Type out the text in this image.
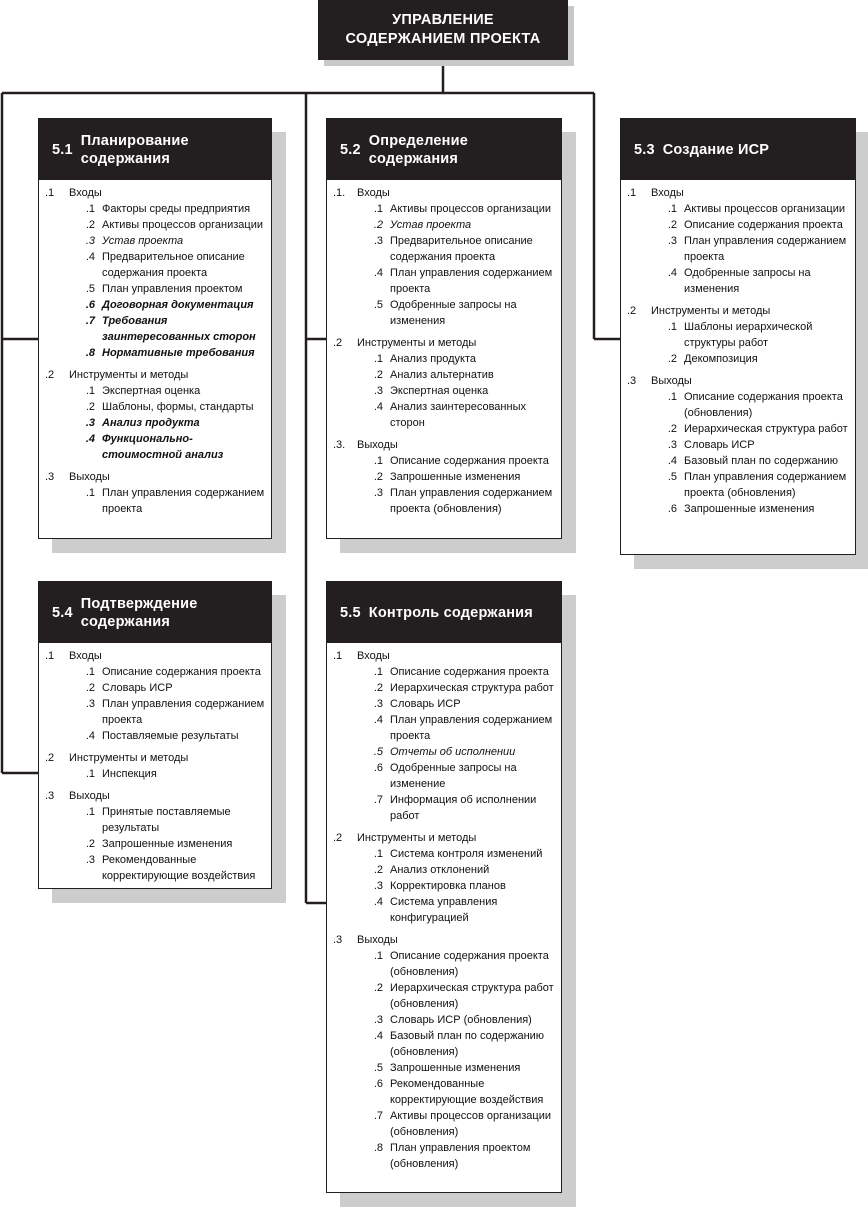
УПРАВЛЕНИЕ
СОДЕРЖАНИЕМ ПРОЕКТА
5.1
Планирование
содержания
.1	Входы
.1 Факторы среды предприятия
.2 Активы процессов организации
.3 Устав проекта
.4 Предварительное описание содержания проекта
.5 План управления проектом
.6 Договорная документация
.7 Требования заинтересованных сторон
.8 Нормативные требования
.2	Инструменты и методы
.1 Экспертная оценка
.2 Шаблоны, формы, стандарты
.3 Анализ продукта
.4 Функционально-стоимостной анализ
.3	Выходы
.1 План управления содержанием проекта
5.2
Определение
содержания
.1.	Входы
.1 Активы процессов организации
.2 Устав проекта
.3 Предварительное описание содержания проекта
.4 План управления содержанием проекта
.5 Одобренные запросы на изменения
.2	Инструменты и методы
.1 Анализ продукта
.2 Анализ альтернатив
.3 Экспертная оценка
.4 Анализ заинтересованных сторон
.3.	Выходы
.1 Описание содержания проекта
.2 Запрошенные изменения
.3 План управления содержанием проекта (обновления)
5.3 Создание ИСР
.1	Входы
.1 Активы процессов организации
.2 Описание содержания проекта
.3 План управления содержанием проекта
.4 Одобренные запросы на изменения
.2	Инструменты и методы
.1 Шаблоны иерархической структуры работ
.2 Декомпозиция
.3	Выходы
.1 Описание содержания проекта (обновления)
.2 Иерархическая структура работ
.3 Словарь ИСР
.4 Базовый план по содержанию
.5 План управления содержанием проекта (обновления)
.6 Запрошенные изменения
5.4
Подтверждение
содержания
.1	Входы
.1 Описание содержания проекта
.2 Словарь ИСР
.3 План управления содержанием проекта
.4 Поставляемые результаты
.2	Инструменты и методы
.1 Инспекция
.3	Выходы
.1 Принятые поставляемые результаты
.2 Запрошенные изменения
.3 Рекомендованные корректирующие воздействия
5.5 Контроль содержания
.1	Входы
.1 Описание содержания проекта
.2 Иерархическая структура работ
.3 Словарь ИСР
.4 План управления содержанием проекта
.5 Отчеты об исполнении
.6 Одобренные запросы на изменение
.7 Информация об исполнении работ
.2	Инструменты и методы
.1 Система контроля изменений
.2 Анализ отклонений
.3 Корректировка планов
.4 Система управления конфигурацией
.3	Выходы
.1 Описание содержания проекта (обновления)
.2 Иерархическая структура работ (обновления)
.3 Словарь ИСР (обновления)
.4 Базовый план по содержанию (обновления)
.5 Запрошенные изменения
.6 Рекомендованные корректирующие воздействия
.7 Активы процессов организации (обновления)
.8 План управления проектом (обновления)
